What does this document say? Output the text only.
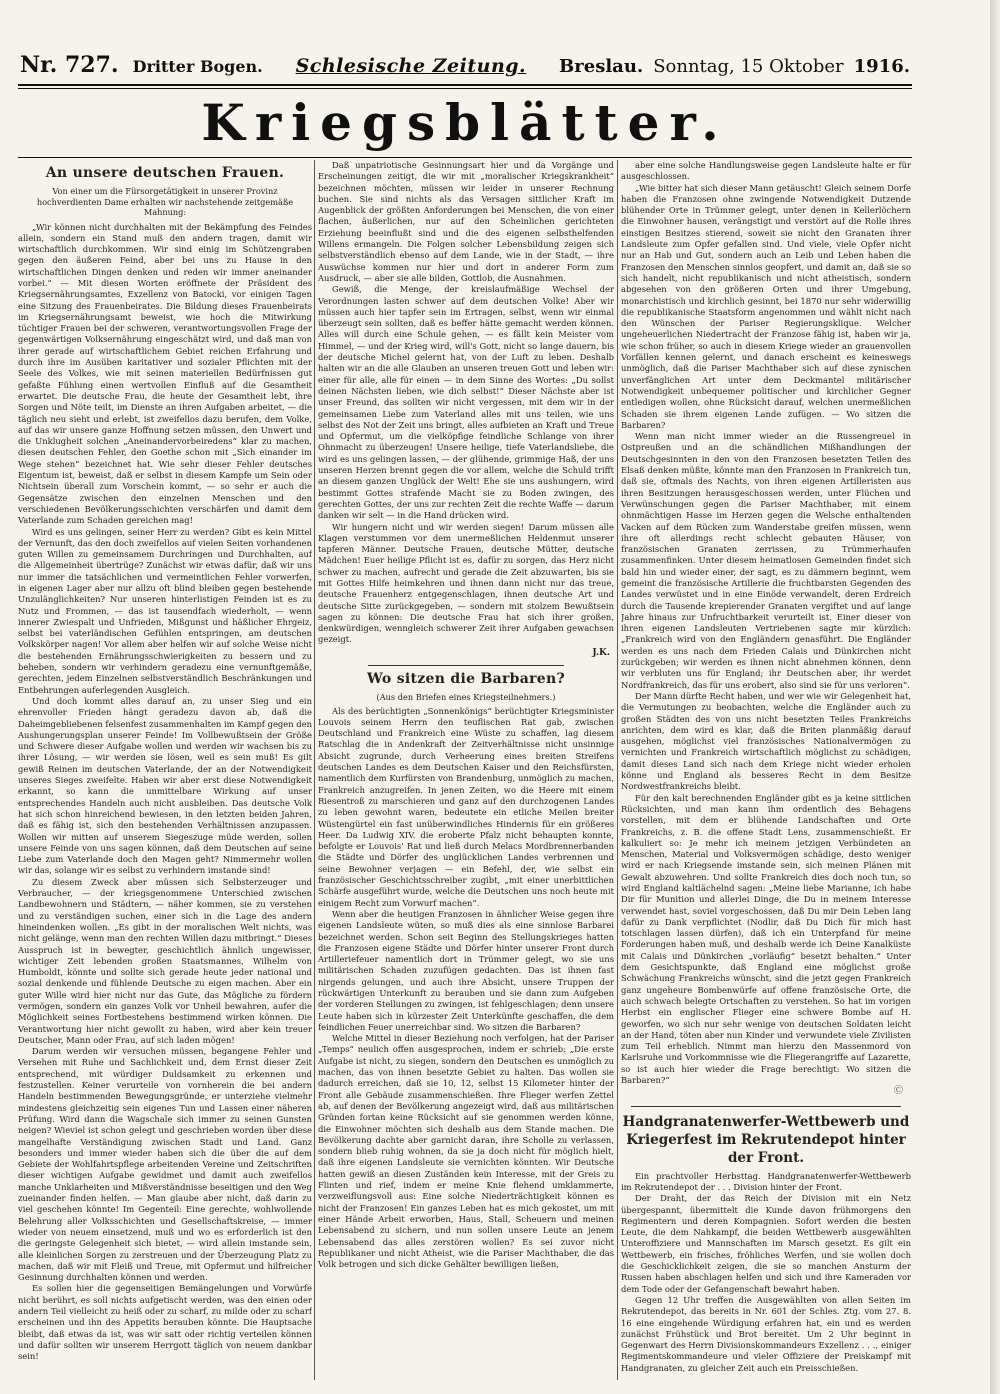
Nr. 727. Dritter Bogen. Schlesische Zeitung. Breslau. Sonntag, 15 Oktober 1916.
Kriegsblätter.
An unsere deutschen Frauen.
Von einer um die Fürsorgetätigkeit in unserer Provinz hochverdienten Dame erhalten wir nachstehende zeitgemäße Mahnung:

„Wir können nicht durchhalten mit der Bekämpfung des Feindes allein, sondern ein Stand muß den andern tragen, damit wir wirtschaftlich durchkommen. Wir sind einig im Schützengraben gegen den äußeren Feind, aber bei uns zu Hause in den wirtschaftlichen Dingen denken und reden wir immer aneinander vorbei.“ — Mit diesen Worten eröffnete der Präsident des Kriegsernährungsamtes, Exzellenz von Batocki, vor einigen Tagen eine Sitzung des Frauenbeirates. Die Bildung dieses Frauenbeirats im Kriegsernährungsamt beweist, wie hoch die Mitwirkung tüchtiger Frauen bei der schweren, verantwortungsvollen Frage der gegenwärtigen Volksernährung eingeschätzt wird, und daß man von ihrer gerade auf wirtschaftlichem Gebiet reichen Erfahrung und durch ihre im Ausüben karitativer und sozialer Pflichten mit der Seele des Volkes, wie mit seinen materiellen Bedürfnissen gut gefaßte Fühlung einen wertvollen Einfluß auf die Gesamtheit erwartet. Die deutsche Frau, die heute der Gesamtheit lebt, ihre Sorgen und Nöte teilt, im Dienste an ihren Aufgaben arbeitet, — die täglich neu sieht und erlebt, ist zweifellos dazu berufen, dem Volke, auf das wir unsere ganze Hoffnung setzen müssen, den Unwert und die Unklugheit solchen „Aneinandervorbeiredens“ klar zu machen, diesen deutschen Fehler, den Goethe schon mit „Sich einander im Wege stehen“ bezeichnet hat. Wie sehr dieser Fehler deutsches Eigentum ist, beweist, daß er selbst in diesem Kampfe um Sein oder Nichtsein überall zum Vorschein kommt, — so sehr er auch die Gegensätze zwischen den einzelnen Menschen und den verschiedenen Bevölkerungsschichten verschärfen und damit dem Vaterlande zum Schaden gereichen mag!

Wird es uns gelingen, seiner Herr zu werden? Gibt es kein Mittel der Vernunft, das den doch zweifellos auf vielen Seiten vorhandenen guten Willen zu gemeinsamem Durchringen und Durchhalten, auf die Allgemeinheit übertrüge? Zunächst wir etwas dafür, daß wir uns nur immer die tatsächlichen und vermeintlichen Fehler vorwerfen, in eigenen Lager aber nur allzu oft blind bleiben gegen bestehende Unzulänglichkeiten? Nur unseren hinterlistigen Feinden ist es zu Nutz und Frommen, — das ist tausendfach wiederholt, — wenn innerer Zwiespalt und Unfrieden, Mißgunst und häßlicher Ehrgeiz, selbst bei vaterländischen Gefühlen entspringen, am deutschen Volkskörper nagen! Vor allem aber helfen wir auf solche Weise nicht die bestehenden Ernährungsschwierigkeiten zu bessern und zu beheben, sondern wir verhindern geradezu eine vernunftgemäße, gerechten, jedem Einzelnen selbstverständlich Beschränkungen und Entbehrungen auferlegenden Ausgleich.

Und doch kommt alles darauf an, zu unser Sieg und ein ehrenvoller Frieden hängt geradezu davon ab, daß die Daheimgebliebenen felsenfest zusammenhalten im Kampf gegen den Aushungerungsplan unserer Feinde! Im Vollbewußtsein der Größe und Schwere dieser Aufgabe wollen und werden wir wachsen bis zu ihrer Lösung, — wir werden sie lösen, weil es sein muß! Es gilt gewiß Reinen im deutschen Vaterlande, der an der Notwendigkeit unseres Sieges zweifelte. Haben wir aber erst diese Notwendigkeit erkannt, so kann die unmittelbare Wirkung auf unser entsprechendes Handeln auch nicht ausbleiben. Das deutsche Volk hat sich schon hinreichend bewiesen, in den letzten beiden Jahren, daß es fähig ist, sich den bestehenden Verhältnissen anzupassen. Wollen wir mitten auf unserem Siegeszuge müde werden, sollen unsere Feinde von uns sagen können, daß dem Deutschen auf seine Liebe zum Vaterlande doch den Magen geht? Nimmermehr wollen wir das, solange wir es selbst zu verhindern imstande sind!

Zu diesem Zweck aber müssen sich Selbsterzeuger und Verbraucher, — der kriegsgenommene Unterschied zwischen Landbewohnern und Städtern, — näher kommen, sie zu verstehen und zu verständigen suchen, einer sich in die Lage des andern hineindenken wollen. „Es gibt in der moralischen Welt nichts, was nicht gelänge, wenn man den rechten Willen dazu mitbringt.“ Dieses Ausspruch ist in bewegter, geschichtlich ähnlich ungewisser, wichtiger Zeit lebenden großen Staatsmannes, Wilhelm von Humboldt, könnte und sollte sich gerade heute jeder national und sozial denkende und fühlende Deutsche zu eigen machen. Aber ein guter Wille wird hier nicht nur das Gute, das Mögliche zu fördern vermögen, sondern ein ganzes Volk vor Unheil bewahren, aufer die Möglichkeit seines Fortbestehens bestimmend wirken können. Die Verantwortung hier nicht gewollt zu haben, wird aber kein treuer Deutscher, Mann oder Frau, auf sich laden mögen!

Darum werden wir versuchen müssen, begangene Fehler und Versehen mit Ruhe und Sachlichkeit und, dem Ernst dieser Zeit entsprechend, mit würdiger Duldsamkeit zu erkennen und festzustellen. Keiner verurteile von vornherein die bei andern Handeln bestimmenden Bewegungsgründe, er unterziehe vielmehr mindestens gleichzeitig sein eigenes Tun und Lassen einer näheren Prüfung. Wird dann die Wagschale sich immer zu seinen Gunsten neigen? Wieviel ist schon gelegt und geschrieben worden über diese mangelhafte Verständigung zwischen Stadt und Land. Ganz besonders und immer wieder haben sich die über die auf dem Gebiete der Wohlfahrtspflege arbeitenden Vereine und Zeitschriften dieser wichtigen Aufgabe gewidmet und damit auch zweifellos manche Unklarheiten und Mißverständnisse beseitigen und den Weg zueinander finden helfen. — Man glaube aber nicht, daß darin zu viel geschehen könnte! Im Gegenteil: Eine gerechte, wohlwollende Belehrung aller Volksschichten und Gesellschaftskreise, — immer wieder von neuem einsetzend, muß und wo es erforderlich ist den die geringste Gelegenheit sich bietet, — wird allein imstande sein, alle kleinlichen Sorgen zu zerstreuen und der Überzeugung Platz zu machen, daß wir mit Fleiß und Treue, mit Opfermut und hilfreicher Gesinnung durchhalten können und werden.

Es sollen hier die gegenseitigen Bemängelungen und Vorwürfe nicht berührt, es soll nichts aufgetischt werden, was den einen oder andern Teil vielleicht zu heiß oder zu scharf, zu milde oder zu scharf erscheinen und ihn des Appetits berauben könnte. Die Hauptsache bleibt, daß etwas da ist, was wir satt oder richtig verteilen können und dafür sollten wir unserem Herrgott täglich von neuem dankbar sein!

Daß unpatriotische Gesinnungsart hier und da Vorgänge und Erscheinungen zeitigt, die wir mit „moralischer Kriegskrankheit“ bezeichnen möchten, müssen wir leider in unserer Rechnung buchen. Sie sind nichts als das Versagen sittlicher Kraft im Augenblick der größten Anforderungen bei Menschen, die von einer flachen, äußerlichen, nur auf den Scheinlichen gerichteten Erziehung beeinflußt sind und die des eigenen selbsthelfenden Willens ermangeln. Die Folgen solcher Lebensbildung zeigen sich selbstverständlich ebenso auf dem Lande, wie in der Stadt, — ihre Auswüchse kommen nur hier und dort in anderer Form zum Ausdruck, — aber sie alle bilden, Gottlob, die Ausnahmen.

Gewiß, die Menge, der kreislaufmäßige Wechsel der Verordnungen lasten schwer auf dem deutschen Volke! Aber wir müssen auch hier tapfer sein im Ertragen, selbst, wenn wir einmal überzeugt sein sollten, daß es beffer hätte gemacht werden können. Alles will durch eine Schule gehen, — es fällt kein Meister vom Himmel, — und der Krieg wird, will's Gott, nicht so lange dauern, bis der deutsche Michel gelernt hat, von der Luft zu leben. Deshalb halten wir an die alle Glauben an unseren treuen Gott und leben wir: einer für alle, alle für einen — in dem Sinne des Wortes: „Du sollst deinen Nächsten lieben, wie dich selbst!“ Dieser Nächste aber ist unser Freund, das sollten wir nicht vergessen, mit dem wir in der gemeinsamen Liebe zum Vaterland alles mit uns teilen, wie uns selbst des Not der Zeit uns bringt, alles aufbieten an Kraft und Treue und Opfermut, um die vielköpfige feindliche Schlange von ihrer Ohnmacht zu überzeugen! Unsere heilige, tiefe Vaterlandsliebe, die wird es uns gelingen lassen, — der glühende, grimmige Haß, der uns unseren Herzen brennt gegen die vor allem, welche die Schuld trifft an diesem ganzen Unglück der Welt! Ehe sie uns aushungern, wird bestimmt Gottes strafende Macht sie zu Boden zwingen, des gerechten Gottes, der uns zur rechten Zeit die rechte Waffe — darum danken wir selt — in die Hand drücken wird.

Wir hungern nicht und wir werden siegen! Darum müssen alle Klagen verstummen vor dem unermeßlichen Heldenmut unserer tapferen Männer. Deutsche Frauen, deutsche Mütter, deutsche Mädchen! Euer heilige Pflicht ist es, dafür zu sorgen, das Herz nicht schwer zu machen, aufrecht und gerade die Zeit abzuwarten, bis sie mit Gottes Hilfe heimkehren und ihnen dann nicht nur das treue, deutsche Frauenherz entgegenschlagen, ihnen deutsche Art und deutsche Sitte zurückgegeben, — sondern mit stolzem Bewußtsein sagen zu können: Die deutsche Frau hat sich ihrer großen, denkwürdigen, wenngleich schwerer Zeit ihrer Aufgaben gewachsen gezeigt.

J.K.
Wo sitzen die Barbaren?
(Aus den Briefen eines Kriegsteilnehmers.)

Als des berüchtigten „Sonnenkönigs“ berüchtigter Kriegsminister Louvois seinem Herrn den teuflischen Rat gab, zwischen Deutschland und Frankreich eine Wüste zu schaffen, lag diesem Ratschlag die in Andenkraft der Zeitverhältnisse nicht unsinnige Absicht zugrunde, durch Verheerung eines breiten Streifens deutschen Landes es dem Deutschen Kaiser und den Reichsfürsten, namentlich dem Kurfürsten von Brandenburg, unmöglich zu machen, Frankreich anzugreifen. In jenen Zeiten, wo die Heere mit einem Riesentroß zu marschieren und ganz auf den durchzogenen Landes zu leben gewohnt waren, bedeutete ein etliche Meilen breiter Wüstengürtel ein fast unüberwindliches Hindernis für ein größeres Heer. Da Ludwig XIV. die eroberte Pfalz nicht behaupten konnte, befolgte er Louvois' Rat und ließ durch Melacs Mordbrennerbanden die Städte und Dörfer des unglücklichen Landes verbrennen und seine Bewohner verjagen — ein Befehl, der, wie selbst ein französischer Geschichtsschreiber zugibt, „mit einer unerbittlichen Schärfe ausgeführt wurde, welche die Deutschen uns noch heute mit einigem Recht zum Vorwurf machen“.

Wenn aber die heutigen Franzosen in ähnlicher Weise gegen ihre eigenen Landsleute wüten, so muß dies als eine sinnlose Barbarei bezeichnet werden. Schon seit Beginn des Stellungskrieges hatten die Franzosen eigene Städte und Dörfer hinter unserer Front durch Artilleriefeuer namentlich dort in Trümmer gelegt, wo sie uns militärischen Schaden zuzufügen gedachten. Das ist ihnen fast nirgends gelungen, und auch ihre Absicht, unsere Truppen der rückwärtigen Unterkunft zu berauben und sie dann zum Aufgeben der vorderen Stellungen zu zwingen, ist fehlgeschlagen; denn unsere Leute haben sich in kürzester Zeit Unterkünfte geschaffen, die dem feindlichen Feuer unerreichbar sind. Wo sitzen die Barbaren?

Welche Mittel in dieser Beziehung noch verfolgen, hat der Pariser „Temps“ neulich offen ausgesprochen, indem er schrieb: „Die erste Aufgabe ist nicht, zu siegen, sondern den Deutschen es unmöglich zu machen, das von ihnen besetzte Gebiet zu halten. Das wollen sie dadurch erreichen, daß sie 10, 12, selbst 15 Kilometer hinter der Front alle Gebäude zusammenschießen. Ihre Flieger werfen Zettel ab, auf denen der Bevölkerung angezeigt wird, daß aus militärischen Gründen fortan keine Rücksicht auf sie genommen werden könne, die Einwohner möchten sich deshalb aus dem Stande machen. Die Bevölkerung dachte aber garnicht daran, ihre Scholle zu verlassen, sondern blieb ruhig wohnen, da sie ja doch nicht für möglich hielt, daß ihre eigenen Landsleute sie vernichten könnten. Wir Deutsche hatten gewiß an diesen Zuständen kein Interesse, mit der Greis zu Flinten und rief, indem er meine Knie flehend umklammerte, verzweiflungsvoll aus: Eine solche Niederträchtigkeit können es nicht der Franzosen! Ein ganzes Leben hat es mich gekostet, um mit einer Hände Arbeit erworben, Haus, Stall, Scheuern und meinen Lebensabend zu sichern, und nun sollen unsere Leute an jenem Lebensabend das alles zerstören wollen? Es sei zuvor nicht Republikaner und nicht Atheist, wie die Pariser Machthaber, die das Volk betrogen und sich dicke Gehälter bewilligen ließen,

aber eine solche Handlungsweise gegen Landsleute halte er für ausgeschlossen.

„Wie bitter hat sich dieser Mann getäuscht! Gleich seinem Dorfe haben die Franzosen ohne zwingende Notwendigkeit Dutzende blühender Orte in Trümmer gelegt, unter denen in Kellerlöchern die Einwohner hausen, verängstigt und verstört auf die Rolle ihres einstigen Besitzes stierend, soweit sie nicht den Granaten ihrer Landsleute zum Opfer gefallen sind. Und viele, viele Opfer nicht nur an Hab und Gut, sondern auch an Leib und Leben haben die Franzosen den Menschen sinnlos geopfert, und damit an, daß sie so sich handelt, nicht republikanisch und nicht atheistisch, sondern abgesehen von den größeren Orten und ihrer Umgebung, monarchistisch und kirchlich gesinnt, bei 1870 nur sehr widerwillig die republikanische Staatsform angenommen und wählt nicht nach den Wünschen der Pariser Regierungsklique. Welcher ungeheuerlichen Niedertracht der Franzose fähig ist, haben wir ja, wie schon früher, so auch in diesem Kriege wieder an grauenvollen Vorfällen kennen gelernt, und danach erscheint es keineswegs unmöglich, daß die Pariser Machthaber sich auf diese zynischen unverfänglichen Art unter dem Deckmantel militärischer Notwendigkeit unbequemer politischer und kirchlicher Gegner entledigen wollen, ohne Rücksicht darauf, welchen unermeßlichen Schaden sie ihrem eigenen Lande zufügen. — Wo sitzen die Barbaren?

Wenn man nicht immer wieder an die Russengreuel in Ostpreußen und an die schändlichen Mißhandlungen der Deutschgesinnten in den von den Franzosen besetzten Teilen des Elsaß denken müßte, könnte man den Franzosen in Frankreich tun, daß sie, oftmals des Nachts, von ihren eigenen Artilleristen aus ihren Besitzungen herausgeschossen werden, unter Flüchen und Verwünschungen gegen die Pariser Machthaber, mit einem ohnmächtigen Hasse im Herzen gegen die Welsche enthaltenden Vacken auf dem Rücken zum Wanderstabe greifen müssen, wenn ihre oft allerdings recht schlecht gebauten Häuser, von französischen Granaten zerrissen, zu Trümmerhaufen zusammenfinken. Unter diesem heimatlosen Gemeinden findet sich bald hin und wieder einer, der sagt, es zu dämmern beginnt, wem gemeint die französische Artillerie die fruchtbarsten Gegenden des Landes verwüstet und in eine Einöde verwandelt, deren Erdreich durch die Tausende krepierender Granaten vergiftet und auf lange Jahre hinaus zur Unfruchtbarkeit verurteilt ist. Einer dieser von ihren eigenen Landsleuten Vertriebenen sagte mir kürzlich: „Frankreich wird von den Engländern genasführt. Die Engländer werden es uns nach dem Frieden Calais und Dünkirchen nicht zurückgeben; wir werden es ihnen nicht abnehmen können, denn wir verbluten uns für England; ihr Deutschen aber, ihr werdet Nordfrankreich, das für uns erobert, also sind sie für uns verloren“.

Der Mann dürfte Recht haben, und wer wie wir Gelegenheit hat, die Vermutungen zu beobachten, welche die Engländer auch zu großen Städten des von uns nicht besetzten Teiles Frankreichs anrichten, dem wird es klar, daß die Briten planmäßig darauf ausgehen, möglichst viel französisches Nationalvermögen zu vernichten und Frankreich wirtschaftlich möglichst zu schädigen, damit dieses Land sich nach dem Kriege nicht wieder erholen könne und England als besseres Recht in dem Besitze Nordwestfrankreichs bleibt.

Für den kalt berechnenden Engländer gibt es ja keine sittlichen Rücksichten, und man kann ihm ordentlich des Behagens vorstellen, mit dem er blühende Landschaften und Orte Frankreichs, z. B. die offene Stadt Lens, zusammenschießt. Er kalkuliert so: Je mehr ich meinem jetzigen Verbündeten an Menschen, Material und Volksvermögen schädige, desto weniger wird er nach Kriegsende imstande sein, sich meinen Plänen mit Gewalt abzuwehren. Und sollte Frankreich dies doch noch tun, so wird England kaltlächelnd sagen: „Meine liebe Marianne, ich habe Dir für Munition und allerlei Dinge, die Du in meinem Interesse verwendet hast, soviel vorgeschossen, daß Du mir Dein Leben lang dafür zu Dank verpflichtet (Nodlir, daß Du Dich für mich hast totschlagen lassen dürfen), daß ich ein Unterpfand für meine Forderungen haben muß, und deshalb werde ich Deine Kanalküste mit Calais und Dünkirchen „vorläufig“ besetzt behalten.“ Unter dem Gesichtspunkte, daß England eine möglichst große Schwächung Frankreichs wünscht, sind die jetzt gegen Frankreich ganz ungeheure Bombenwürfe auf offene französische Orte, die auch schwach belegte Ortschaften zu verstehen. So hat im vorigen Herbst ein englischer Flieger eine schwere Bombe auf H. geworfen, wo sich nur sehr wenige von deutschen Soldaten leicht an der Hand, töten aber nun Kinder und verwundete viele Zivilisten zum Teil erheblich. Nimmt man hierzu den Massenmord von Karlsruhe und Vorkommnisse wie die Fliegerangriffe auf Lazarette, so ist auch hier wieder die Frage berechtigt: Wo sitzen die Barbaren?“

Ⓒ
Handgranatenwerfer-Wettbewerb und Kriegerfest im Rekrutendepot hinter der Front.

Ein prachtvoller Herbsttag. Handgranatenwerfer-Wettbewerb im Rekrutendepot der . . . Division hinter der Front.

Der Draht, der das Reich der Division mit ein Netz übergespannt, übermittelt die Kunde davon frühmorgens den Regimentern und deren Kompagnien. Sofort werden die besten Leute, die dem Nahkampf, die beiden Wettbewerb ausgewählten Unteroffiziere und Mannschaften im Marsch gesetzt. Es gilt ein Wettbewerb, ein frisches, fröhliches Werfen, und sie wollen doch die Geschicklichkeit zeigen, die sie so manchen Ansturm der Russen haben abschlagen helfen und sich und ihre Kameraden vor dem Tode oder der Gefangenschaft bewahrt haben.

Gegen 12 Uhr treffen die Ausgewählten von allen Seiten im Rekrutendepot, das bereits in Nr. 601 der Schles. Ztg. vom 27. 8. 16 eine eingehende Würdigung erfahren hat, ein und es werden zunächst Frühstück und Brot bereitet. Um 2 Uhr beginnt in Gegenwart des Herrn Divisionskommandeurs Exzellenz . . ., einiger Regimentskommandeure und vieler Offiziere der Preiskampf mit Handgranaten, zu gleicher Zeit auch ein Preisschießen.
